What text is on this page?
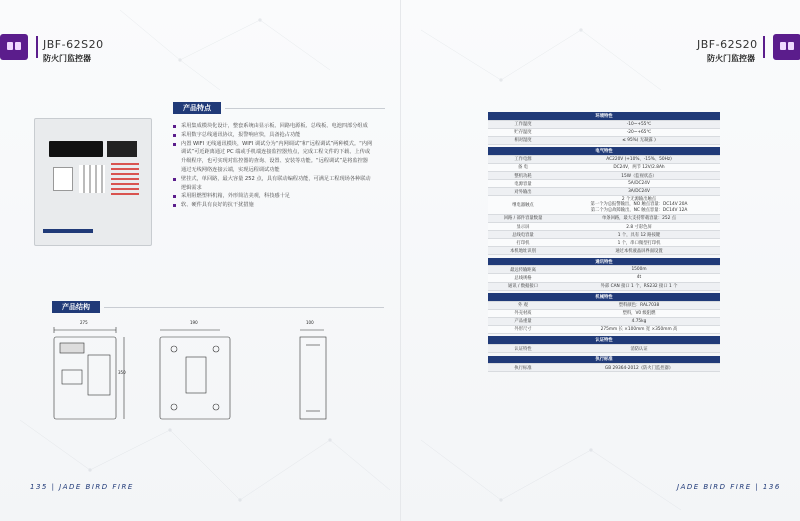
JBF-62S20
防火门监控器
产品特点
采用集成模块化设计，整套系统由显示板、回路电源板、总线板、电池四部分组成
采用数字总线通讯协议，报警响应快，具备抢占功能
内置 WIFI 无线通讯模块，WIFI 调试分为“内网调试”和“远程调试”两种模式。“内网调试”可近距离通过 PC 端或手机端连接监控器热点，完成工程文件的下载、上传或升级程序，也可实现对监控器的查询、设置、安装等功能。“远程调试”是将监控器通过无线网络连接云端，实现远程调试功能
壁挂式，单回路，最大容量 252 点，具有联动编程功能，可满足工程现场各种联动逻辑需求
采用阻燃塑料机箱，外形简洁美观，科技感十足
软、硬件具有良好的抗干扰措施
产品结构
275	190	100
350
135 | JADE BIRD FIRE
JBF-62S20
防火门监控器
JADE BIRD FIRE | 136
环境特性	
工作温度	-10~+55℃
贮存温度	-20~+65℃
相对湿度	≤ 95%( 无凝露 )

电气特性	
工作电源	AC220V (+10%、-15%、50Hz)
备 电	DC24V，两节 12V/2.8Ah
整机功耗	15W（监视状态）
电源容量	5A/DC24V
对外输出	3A/DC24V
继电器触点	2 个无源输出触点
第一个为总报警输出，NO 触点容量：DC14V 20A
第二个为总故障输出，NC 触点容量：DC14V 12A
回路 / 部件容量数量	单条回路，最大支持带载容量：252 点
显示屏	2.8 寸彩色屏
总线电容量	1 个，具有 12 路按键
打印机	1 个，串口微型打印机
本机地址识别	通过本机液晶屏界面设置

通讯特性	
最远传输距离	1500m
总线规格	4t
通讯 / 数据接口	外部 CAN 接口 1 个，RS232 接口 1 个

机械特性	
外 观	塑料颜色：RAL7038
外壳材质	塑料，V0 级阻燃
产品重量	4.75kg
外形尺寸	275mm 长 ×100mm 宽 ×350mm 高

认证特性	
认证特性	消防认证

执行标准	
执行标准	GB 29364-2012《防火门监控器》
